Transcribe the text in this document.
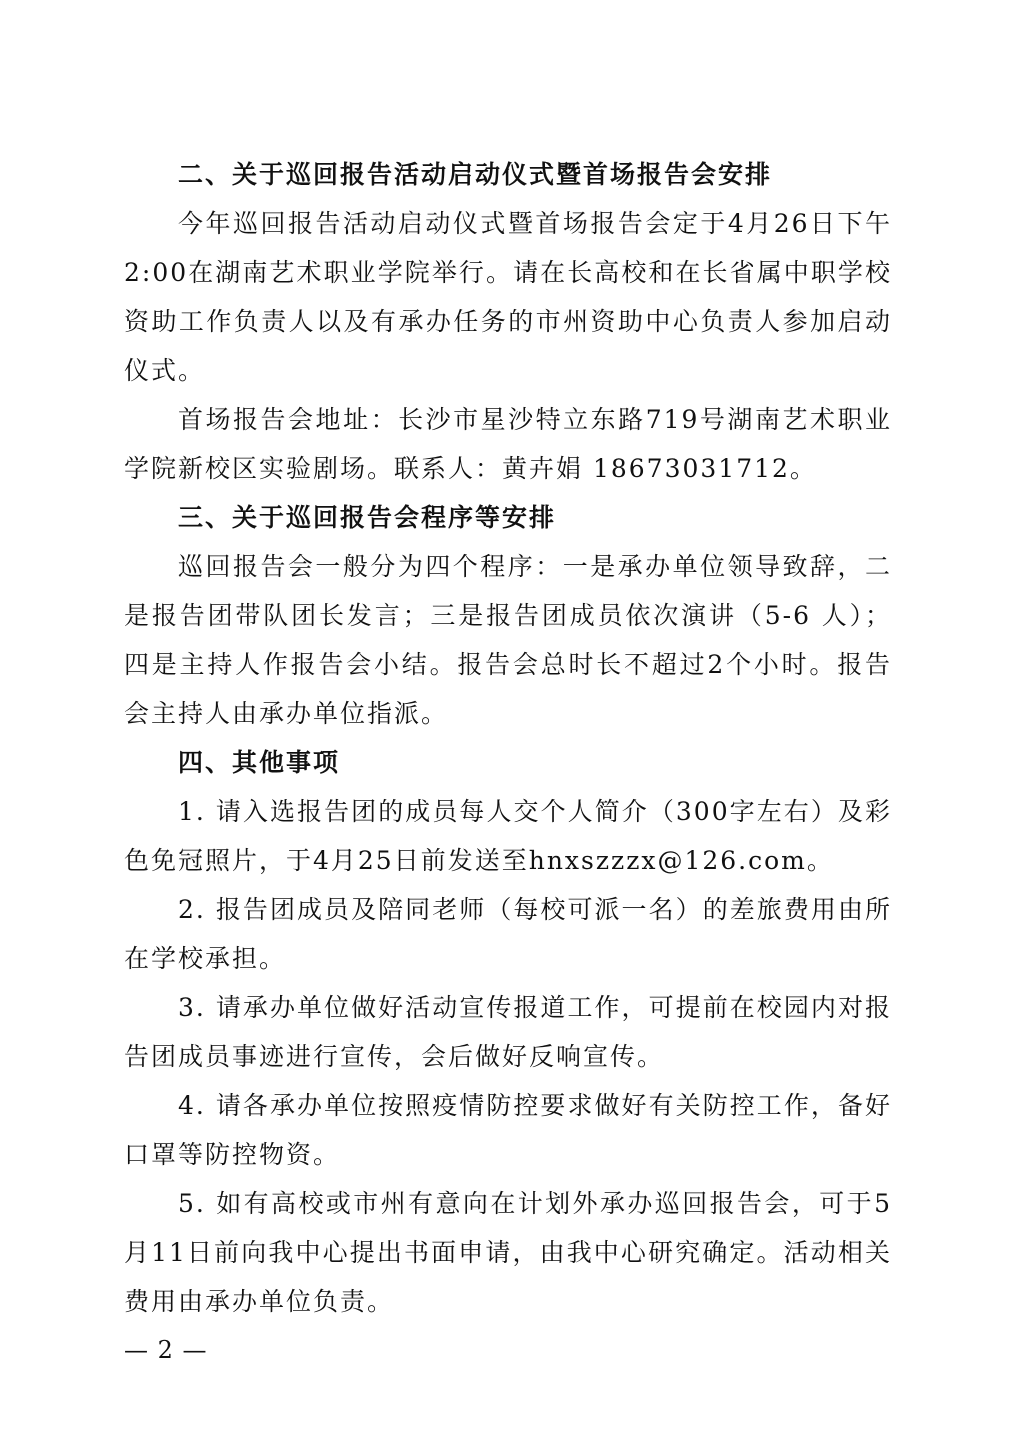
二、关于巡回报告活动启动仪式暨首场报告会安排

今年巡回报告活动启动仪式暨首场报告会定于4月26日下午2:00在湖南艺术职业学院举行。请在长高校和在长省属中职学校资助工作负责人以及有承办任务的市州资助中心负责人参加启动仪式。

首场报告会地址：长沙市星沙特立东路719号湖南艺术职业学院新校区实验剧场。联系人：黄卉娟 18673031712。

三、关于巡回报告会程序等安排

巡回报告会一般分为四个程序：一是承办单位领导致辞，二是报告团带队团长发言；三是报告团成员依次演讲（5-6 人）；四是主持人作报告会小结。报告会总时长不超过2个小时。报告会主持人由承办单位指派。

四、其他事项

1. 请入选报告团的成员每人交个人简介（300字左右）及彩色免冠照片，于4月25日前发送至hnxszzzx@126.com。

2. 报告团成员及陪同老师（每校可派一名）的差旅费用由所在学校承担。

3. 请承办单位做好活动宣传报道工作，可提前在校园内对报告团成员事迹进行宣传，会后做好反响宣传。

4. 请各承办单位按照疫情防控要求做好有关防控工作，备好口罩等防控物资。

5. 如有高校或市州有意向在计划外承办巡回报告会，可于5月11日前向我中心提出书面申请，由我中心研究确定。活动相关费用由承办单位负责。

— 2 —
